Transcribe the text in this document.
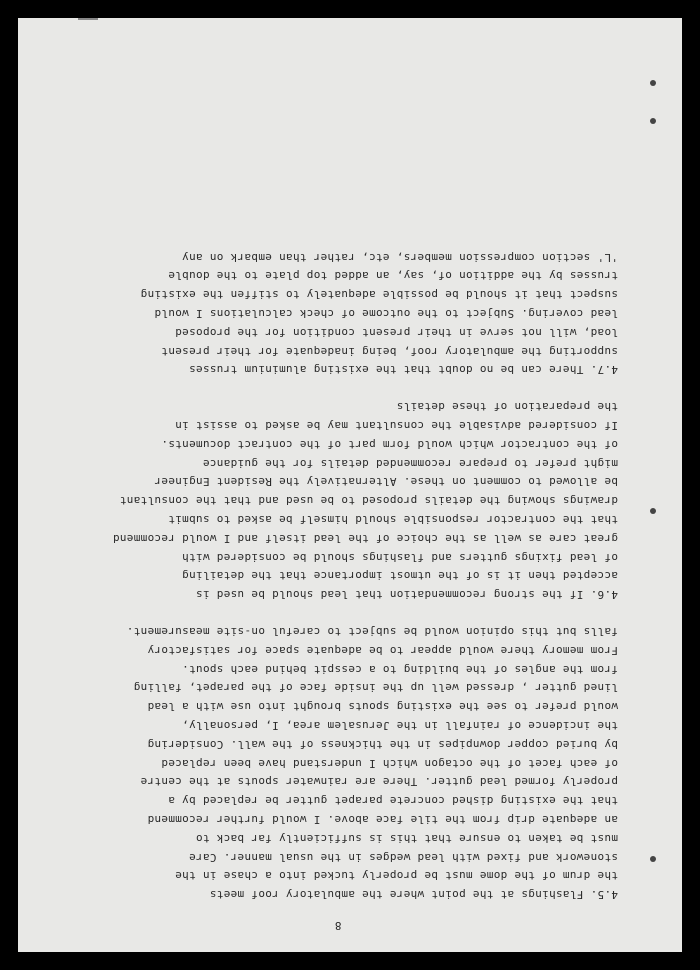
8
4.5. Flashings at the point where the ambulatory roof meets
the drum of the dome must be properly tucked into a chase in the
stonework and fixed with lead wedges in the usual manner. Care
must be taken to ensure that this is sufficiently far back to
an adequate drip from the tile face above. I would further recommend
that the existing dished concrete parapet gutter be replaced by a
properly formed lead gutter. There are rainwater spouts at the centre
of each facet of the octagon which I understand have been replaced
by buried copper downpipes in the thickness of the wall. Considering
the incidence of rainfall in the Jerusalem area, I, personally,
would prefer to see the existing spouts brought into use with a lead
lined gutter , dressed well up the inside face of the parapet, falling
from the angles of the building to a cesspit behind each spout.
From memory there would appear to be adequate space for satisfactory
falls but this opinion would be subject to careful on-site measurement.
4.6. If the strong recommendation that lead should be used is
accepted then it is of the utmost importance that the detailing
of lead fixings gutters and flashings should be considered with
great care as well as the choice of the lead itself and I would recommend
that the contractor responsible should himself be asked to submit
drawings showing the details proposed to be used and that the consultant
be allowed to comment on these. Alternatively the Resident Engineer
might prefer to prepare recommended details for the guidance
of the contractor which would form part of the contract documents.
If considered advisable the consultant may be asked to assist in
the preparation of these details
4.7. There can be no doubt that the existing aluminium trusses
supporting the ambulatory roof, being inadequate for their present
load, will not serve in their present condition for the proposed
lead covering. Subject to the outcome of check calculations I would
suspect that it should be possible adequately to stiffen the existing
trusses by the addition of, say, an added top plate to the double
'L' section compression members, etc, rather than embark on any
